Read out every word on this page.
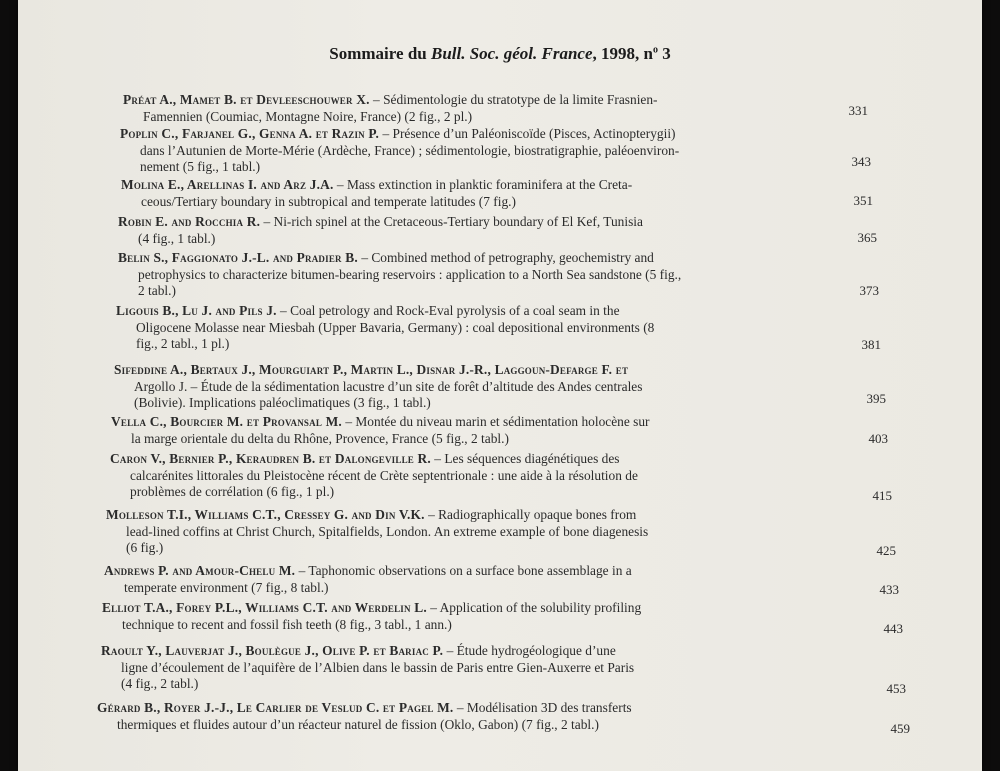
Sommaire du Bull. Soc. géol. France, 1998, $n^o$ 3
Préat A., Mamet B. et Devleeschouwer X. – Sédimentologie du stratotype de la limite Frasnien-
Famennien (Coumiac, Montagne Noire, France) (2 fig., 2 pl.)	331
Poplin C., Farjanel G., Genna A. et Razin P. – Présence d’un Paléoniscoïde (Pisces, Actinopterygii)
dans l’Autunien de Morte-Mérie (Ardèche, France) ; sédimentologie, biostratigraphie, paléoenviron-
nement (5 fig., 1 tabl.)	343
Molina E., Arellinas I. and Arz J.A. – Mass extinction in planktic foraminifera at the Creta-
ceous/Tertiary boundary in subtropical and temperate latitudes (7 fig.)	351
Robin E. and Rocchia R. – Ni-rich spinel at the Cretaceous-Tertiary boundary of El Kef, Tunisia
(4 fig., 1 tabl.)	365
Belin S., Faggionato J.-L. and Pradier B. – Combined method of petrography, geochemistry and
petrophysics to characterize bitumen-bearing reservoirs : application to a North Sea sandstone (5 fig.,
2 tabl.)	373
Ligouis B., Lu J. and Pils J. – Coal petrology and Rock-Eval pyrolysis of a coal seam in the
Oligocene Molasse near Miesbah (Upper Bavaria, Germany) : coal depositional environments (8
fig., 2 tabl., 1 pl.)	381
Sifeddine A., Bertaux J., Mourguiart P., Martin L., Disnar J.-R., Laggoun-Defarge F. et
Argollo J. – Étude de la sédimentation lacustre d’un site de forêt d’altitude des Andes centrales
(Bolivie). Implications paléoclimatiques (3 fig., 1 tabl.)	395
Vella C., Bourcier M. et Provansal M. – Montée du niveau marin et sédimentation holocène sur
la marge orientale du delta du Rhône, Provence, France (5 fig., 2 tabl.)	403
Caron V., Bernier P., Keraudren B. et Dalongeville R. – Les séquences diagénétiques des
calcarénites littorales du Pleistocène récent de Crète septentrionale : une aide à la résolution de
problèmes de corrélation (6 fig., 1 pl.)	415
Molleson T.I., Williams C.T., Cressey G. and Din V.K. – Radiographically opaque bones from
lead-lined coffins at Christ Church, Spitalfields, London. An extreme example of bone diagenesis
(6 fig.)	425
Andrews P. and Amour-Chelu M. – Taphonomic observations on a surface bone assemblage in a
temperate environment (7 fig., 8 tabl.)	433
Elliot T.A., Forey P.L., Williams C.T. and Werdelin L. – Application of the solubility profiling
technique to recent and fossil fish teeth (8 fig., 3 tabl., 1 ann.)	443
Raoult Y., Lauverjat J., Boulègue J., Olive P. et Bariac P. – Étude hydrogéologique d’une
ligne d’écoulement de l’aquifère de l’Albien dans le bassin de Paris entre Gien-Auxerre et Paris
(4 fig., 2 tabl.)	453
Gérard B., Royer J.-J., Le Carlier de Veslud C. et Pagel M. – Modélisation 3D des transferts
thermiques et fluides autour d’un réacteur naturel de fission (Oklo, Gabon) (7 fig., 2 tabl.)	459
